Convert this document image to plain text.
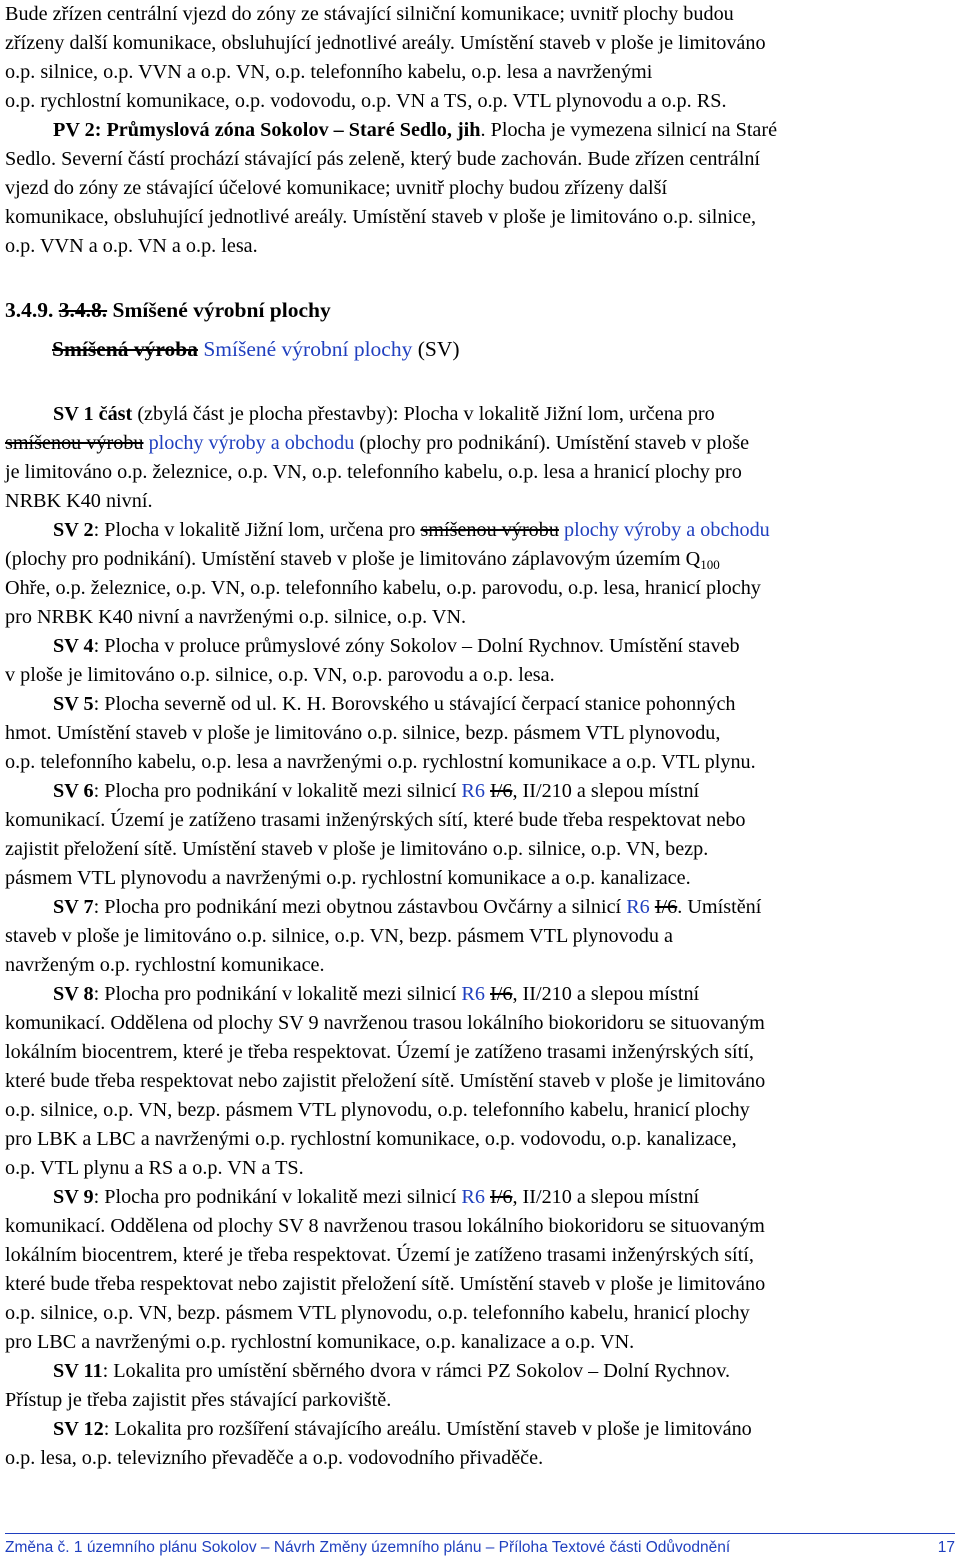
Bude zřízen centrální vjezd do zóny ze stávající silniční komunikace; uvnitř plochy budou

zřízeny další komunikace, obsluhující jednotlivé areály. Umístění staveb v ploše je limitováno

o.p. silnice, o.p. VVN a o.p. VN, o.p. telefonního kabelu, o.p. lesa a navrženými

o.p. rychlostní komunikace, o.p. vodovodu, o.p. VN a TS, o.p. VTL plynovodu a o.p. RS.

PV 2: Průmyslová zóna Sokolov – Staré Sedlo, jih. Plocha je vymezena silnicí na Staré

Sedlo. Severní částí prochází stávající pás zeleně, který bude zachován. Bude zřízen centrální

vjezd do zóny ze stávající účelové komunikace; uvnitř plochy budou zřízeny další

komunikace, obsluhující jednotlivé areály. Umístění staveb v ploše je limitováno o.p. silnice,

o.p. VVN a o.p. VN a o.p. lesa.

3.4.9. 3.4.8. Smíšené výrobní plochy
Smíšená výroba Smíšené výrobní plochy (SV)

SV 1 část (zbylá část je plocha přestavby): Plocha v lokalitě Jižní lom, určena pro

smíšenou výrobu plochy výroby a obchodu (plochy pro podnikání). Umístění staveb v ploše

je limitováno o.p. železnice, o.p. VN, o.p. telefonního kabelu, o.p. lesa a hranicí plochy pro

NRBK K40 nivní.

SV 2: Plocha v lokalitě Jižní lom, určena pro smíšenou výrobu plochy výroby a obchodu

(plochy pro podnikání). Umístění staveb v ploše je limitováno záplavovým územím $Q_{100}$

Ohře, o.p. železnice, o.p. VN, o.p. telefonního kabelu, o.p. parovodu, o.p. lesa, hranicí plochy

pro NRBK K40 nivní a navrženými o.p. silnice, o.p. VN.

SV 4: Plocha v proluce průmyslové zóny Sokolov – Dolní Rychnov. Umístění staveb

v ploše je limitováno o.p. silnice, o.p. VN, o.p. parovodu a o.p. lesa.

SV 5: Plocha severně od ul. K. H. Borovského u stávající čerpací stanice pohonných

hmot. Umístění staveb v ploše je limitováno o.p. silnice, bezp. pásmem VTL plynovodu,

o.p. telefonního kabelu, o.p. lesa a navrženými o.p. rychlostní komunikace a o.p. VTL plynu.

SV 6: Plocha pro podnikání v lokalitě mezi silnicí R6 I/6, II/210 a slepou místní

komunikací. Území je zatíženo trasami inženýrských sítí, které bude třeba respektovat nebo

zajistit přeložení sítě. Umístění staveb v ploše je limitováno o.p. silnice, o.p. VN, bezp.

pásmem VTL plynovodu a navrženými o.p. rychlostní komunikace a o.p. kanalizace.

SV 7: Plocha pro podnikání mezi obytnou zástavbou Ovčárny a silnicí R6 I/6. Umístění

staveb v ploše je limitováno o.p. silnice, o.p. VN, bezp. pásmem VTL plynovodu a

navrženým o.p. rychlostní komunikace.

SV 8: Plocha pro podnikání v lokalitě mezi silnicí R6 I/6, II/210 a slepou místní

komunikací. Oddělena od plochy SV 9 navrženou trasou lokálního biokoridoru se situovaným

lokálním biocentrem, které je třeba respektovat. Území je zatíženo trasami inženýrských sítí,

které bude třeba respektovat nebo zajistit přeložení sítě. Umístění staveb v ploše je limitováno

o.p. silnice, o.p. VN, bezp. pásmem VTL plynovodu, o.p. telefonního kabelu, hranicí plochy

pro LBK a LBC a navrženými o.p. rychlostní komunikace, o.p. vodovodu, o.p. kanalizace,

o.p. VTL plynu a RS a o.p. VN a TS.

SV 9: Plocha pro podnikání v lokalitě mezi silnicí R6 I/6, II/210 a slepou místní

komunikací. Oddělena od plochy SV 8 navrženou trasou lokálního biokoridoru se situovaným

lokálním biocentrem, které je třeba respektovat. Území je zatíženo trasami inženýrských sítí,

které bude třeba respektovat nebo zajistit přeložení sítě. Umístění staveb v ploše je limitováno

o.p. silnice, o.p. VN, bezp. pásmem VTL plynovodu, o.p. telefonního kabelu, hranicí plochy

pro LBC a navrženými o.p. rychlostní komunikace, o.p. kanalizace a o.p. VN.

SV 11: Lokalita pro umístění sběrného dvora v rámci PZ Sokolov – Dolní Rychnov.

Přístup je třeba zajistit přes stávající parkoviště.

SV 12: Lokalita pro rozšíření stávajícího areálu. Umístění staveb v ploše je limitováno

o.p. lesa, o.p. televizního převaděče a o.p. vodovodního přivaděče.

Změna č. 1 územního plánu Sokolov – Návrh Změny územního plánu – Příloha Textové části Odůvodnění	17
